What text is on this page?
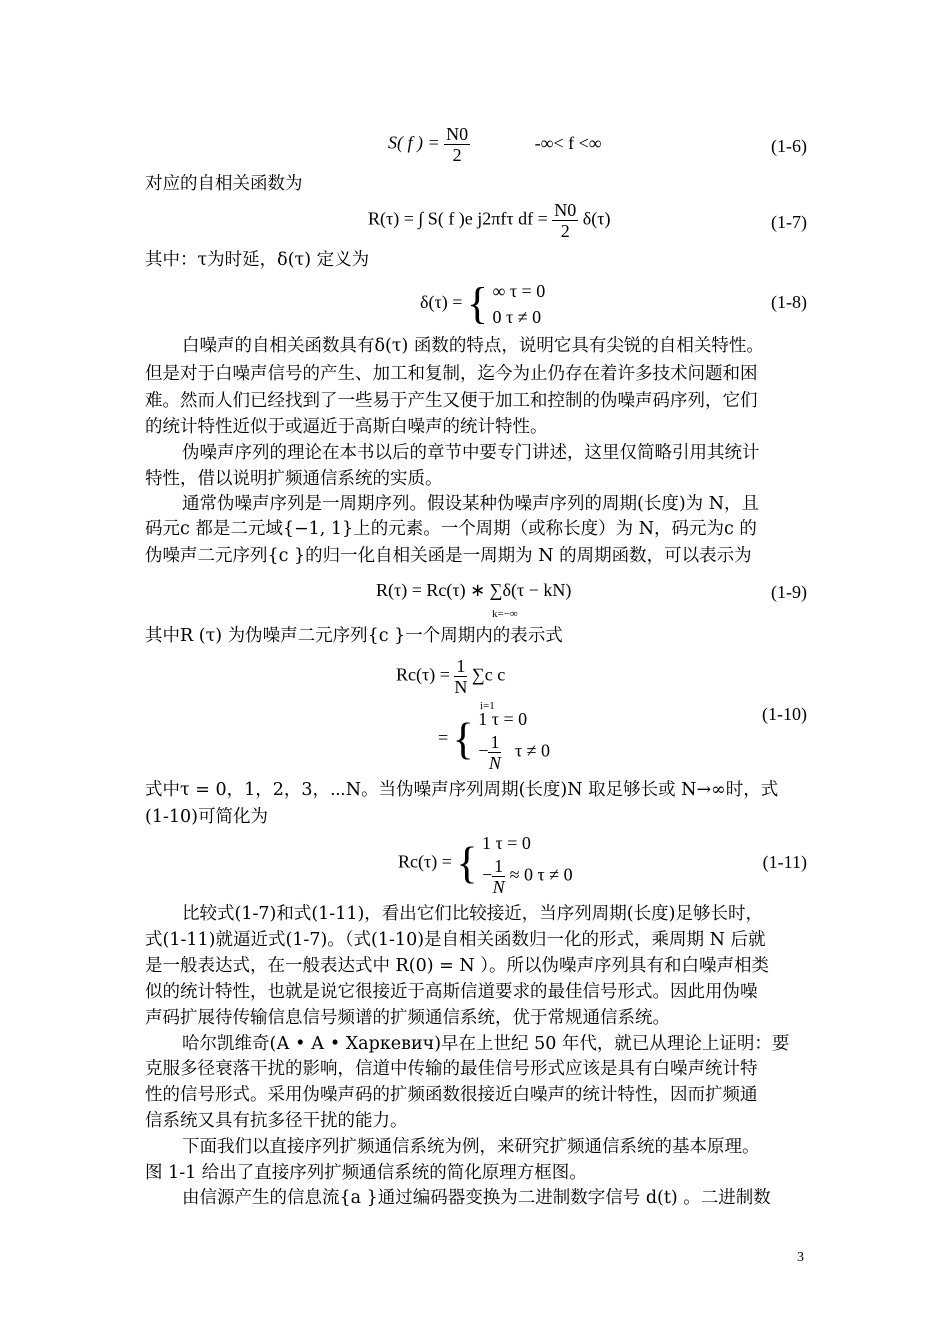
S( f ) = $\frac{N0}{2}$	-∞< f <∞	(1-6)
对应的自相关函数为
R(τ) = ∫ S( f )e j2πfτ df = $\frac{N0}{2} \delta(\tau)$	(1-7)
其中：τ为时延，δ(τ) 定义为
δ(τ) = { ∞ τ = 0
0 τ ≠ 0
(1-8)
白噪声的自相关函数具有δ(τ) 函数的特点，说明它具有尖锐的自相关特性。
但是对于白噪声信号的产生、加工和复制，迄今为止仍存在着许多技术问题和困
难。然而人们已经找到了一些易于产生又便于加工和控制的伪噪声码序列，它们
的统计特性近似于或逼近于高斯白噪声的统计特性。
伪噪声序列的理论在本书以后的章节中要专门讲述，这里仅简略引用其统计
特性，借以说明扩频通信系统的实质。
通常伪噪声序列是一周期序列。假设某种伪噪声序列的周期(长度)为 N，且
码元c 都是二元域{−1, 1}上的元素。一个周期（或称长度）为 N，码元为c 的
伪噪声二元序列{c }的归一化自相关函是一周期为 N 的周期函数，可以表示为
R(τ) = Rc(τ) ∗ ∑δ(τ − kN)
k=−∞
(1-9)
其中R (τ) 为伪噪声二元序列{c }一个周期内的表示式
$Rc(\tau) = \frac{1}{N} \sum c$ c
i=1
= { 1 τ = 0
− $\frac{1}{N}$ τ ≠ 0
(1-10)
式中τ = 0，1，2，3，⋯N。当伪噪声序列周期(长度)N 取足够长或 N→∞时，式
(1-10)可简化为
Rc(τ) = { 1 τ = 0
− $\frac{1}{N} \approx 0$ τ ≠ 0
(1-11)
比较式(1-7)和式(1-11)，看出它们比较接近，当序列周期(长度)足够长时，
式(1-11)就逼近式(1-7)。（式(1-10)是自相关函数归一化的形式，乘周期 N 后就
是一般表达式，在一般表达式中 R(0) = N ）。所以伪噪声序列具有和白噪声相类
似的统计特性，也就是说它很接近于高斯信道要求的最佳信号形式。因此用伪噪
声码扩展待传输信息信号频谱的扩频通信系统，优于常规通信系统。
哈尔凯维奇(А • А • Харкевич)早在上世纪 50 年代，就已从理论上证明：要
克服多径衰落干扰的影响，信道中传输的最佳信号形式应该是具有白噪声统计特
性的信号形式。采用伪噪声码的扩频函数很接近白噪声的统计特性，因而扩频通
信系统又具有抗多径干扰的能力。
下面我们以直接序列扩频通信系统为例，来研究扩频通信系统的基本原理。
图 1-1 给出了直接序列扩频通信系统的简化原理方框图。
由信源产生的信息流{a }通过编码器变换为二进制数字信号 d(t) 。二进制数
3
